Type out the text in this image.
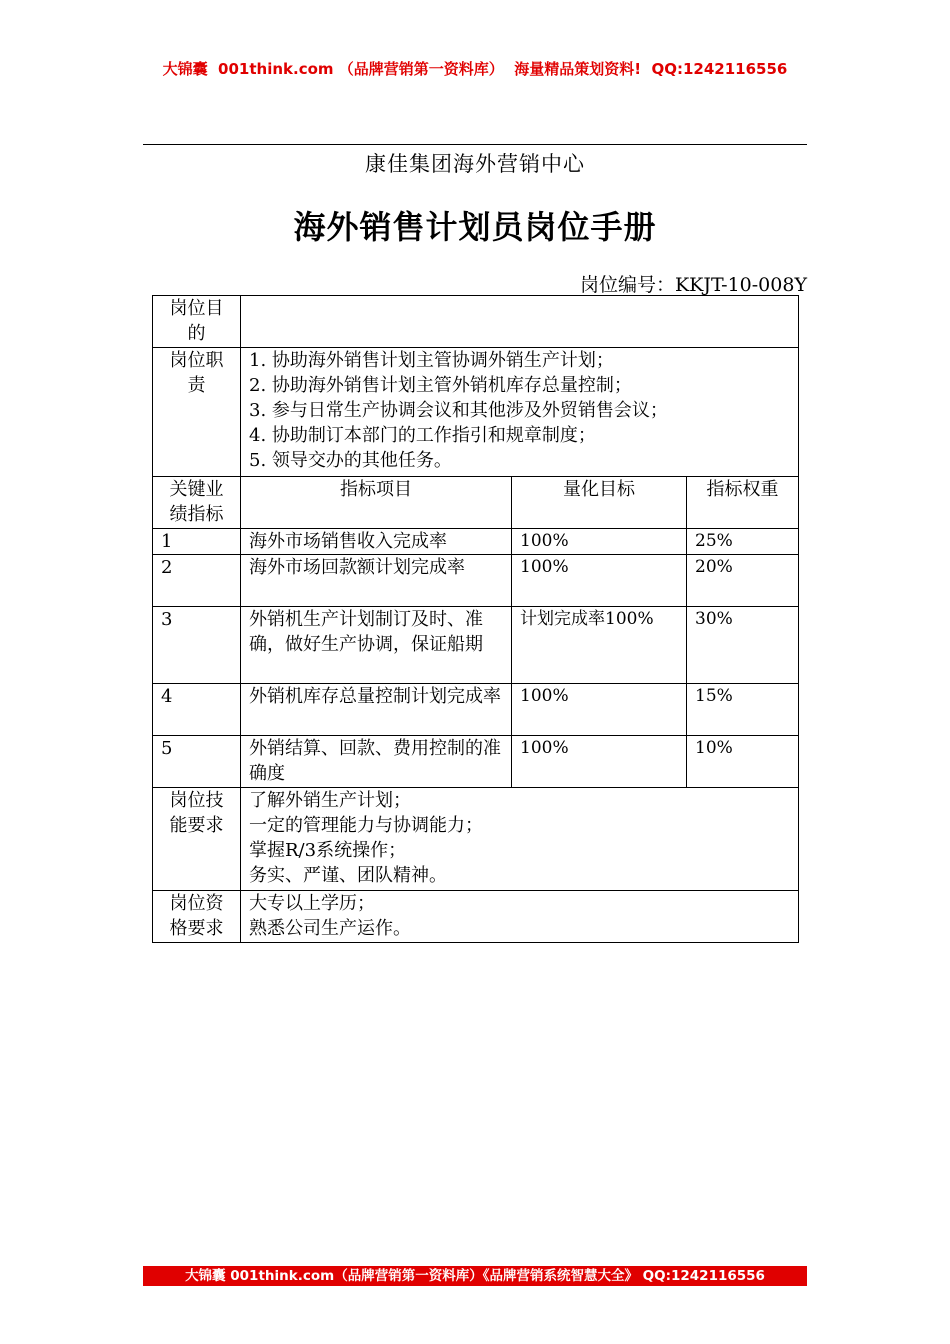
大锦囊  001think.com （品牌营销第一资料库）  海量精品策划资料!  QQ:1242116556
康佳集团海外营销中心
海外销售计划员岗位手册
岗位编号：KKJT-10-008Y
岗位目的			
岗位职责	1. 协助海外销售计划主管协调外销生产计划；
2. 协助海外销售计划主管外销机库存总量控制；
3. 参与日常生产协调会议和其他涉及外贸销售会议；
4. 协助制订本部门的工作指引和规章制度；
5. 领导交办的其他任务。		

关键业绩指标	指标项目	量化目标	指标权重
1	海外市场销售收入完成率	100%	25%
2	海外市场回款额计划完成率	100%	20%
3	外销机生产计划制订及时、准确，做好生产协调，保证船期	计划完成率100%	30%
4	外销机库存总量控制计划完成率	100%	15%
5	外销结算、回款、费用控制的准确度	100%	10%
岗位技能要求	了解外销生产计划；
一定的管理能力与协调能力；
掌握R/3系统操作；
务实、严谨、团队精神。		

岗位资格要求	大专以上学历；
熟悉公司生产运作。		
大锦囊 001think.com（品牌营销第一资料库）《品牌营销系统智慧大全》 QQ:1242116556
